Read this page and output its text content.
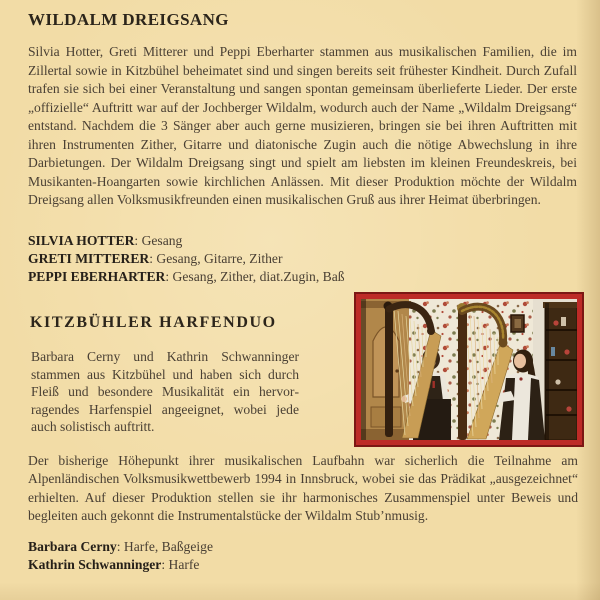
WILDALM DREIGSANG
Silvia Hotter, Greti Mitterer und Peppi Eberharter stammen aus musikalischen Familien, die im Zillertal sowie in Kitzbühel beheimatet sind und singen bereits seit frühester Kindheit. Durch Zufall trafen sie sich bei einer Veranstaltung und sangen spontan gemeinsam überlieferte Lieder. Der erste „offizielle“ Auftritt war auf der Jochberger Wildalm, wodurch auch der Name „Wildalm Dreigsang“ entstand. Nachdem die 3 Sänger aber auch gerne musizieren, bringen sie bei ihren Auftritten mit ihren Instrumenten Zither, Gitarre und diatonische Zugin auch die nötige Abwechslung in ihre Darbietungen. Der Wildalm Dreigsang singt und spielt am liebsten im kleinen Freundeskreis, bei Musikanten-Hoangarten sowie kirchlichen Anlässen. Mit dieser Produktion möchte der Wildalm Dreigsang allen Volksmusikfreunden einen musikalischen Gruß aus ihrer Heimat überbringen.
SILVIA HOTTER: Gesang
GRETI MITTERER: Gesang, Gitarre, Zither
PEPPI EBERHARTER: Gesang, Zither, diat.Zugin, Baß
KITZBÜHLER HARFENDUO
Barbara Cerny und Kathrin Schwanninger stammen aus Kitzbühel und haben sich durch Fleiß und besondere Musikalität ein hervorragendes Harfenspiel angeeignet, wobei jede auch solistisch auftritt.
Der bisherige Höhepunkt ihrer musikalischen Laufbahn war sicherlich die Teilnahme am Alpenländischen Volksmusikwettbewerb 1994 in Innsbruck, wobei sie das Prädikat „ausgezeichnet“ erhielten. Auf dieser Produktion stellen sie ihr harmonisches Zusammenspiel unter Beweis und begleiten auch gekonnt die Instrumentalstücke der Wildalm Stub’nmusig.
Barbara Cerny: Harfe, Baßgeige
Kathrin Schwanninger: Harfe
